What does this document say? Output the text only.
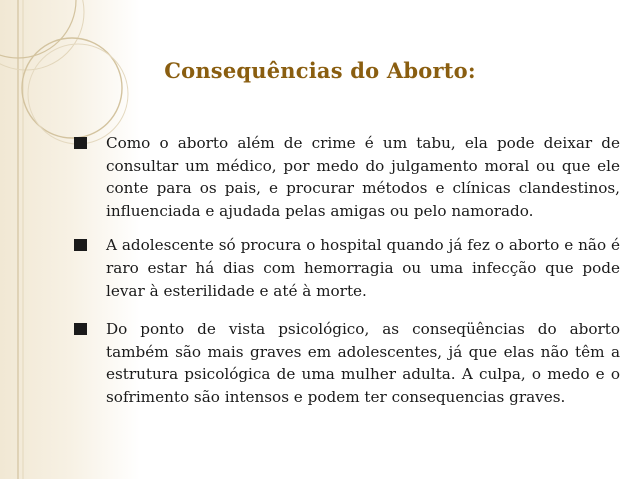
Consequências do Aborto:
Como o aborto além de crime é um tabu, ela pode deixar de consultar um médico, por medo do julgamento moral ou que ele conte para os pais, e procurar métodos e clínicas clandestinos, influenciada e ajudada pelas amigas ou pelo namorado.
A adolescente só procura o hospital quando já fez o aborto e não é raro estar há dias com hemorragia ou uma infecção que pode levar à esterilidade e até à morte.
Do ponto de vista psicológico, as conseqüências do aborto também são mais graves em adolescentes, já que elas não têm a estrutura psicológica de uma mulher adulta. A culpa, o medo e o sofrimento são intensos e podem ter consequencias graves.
